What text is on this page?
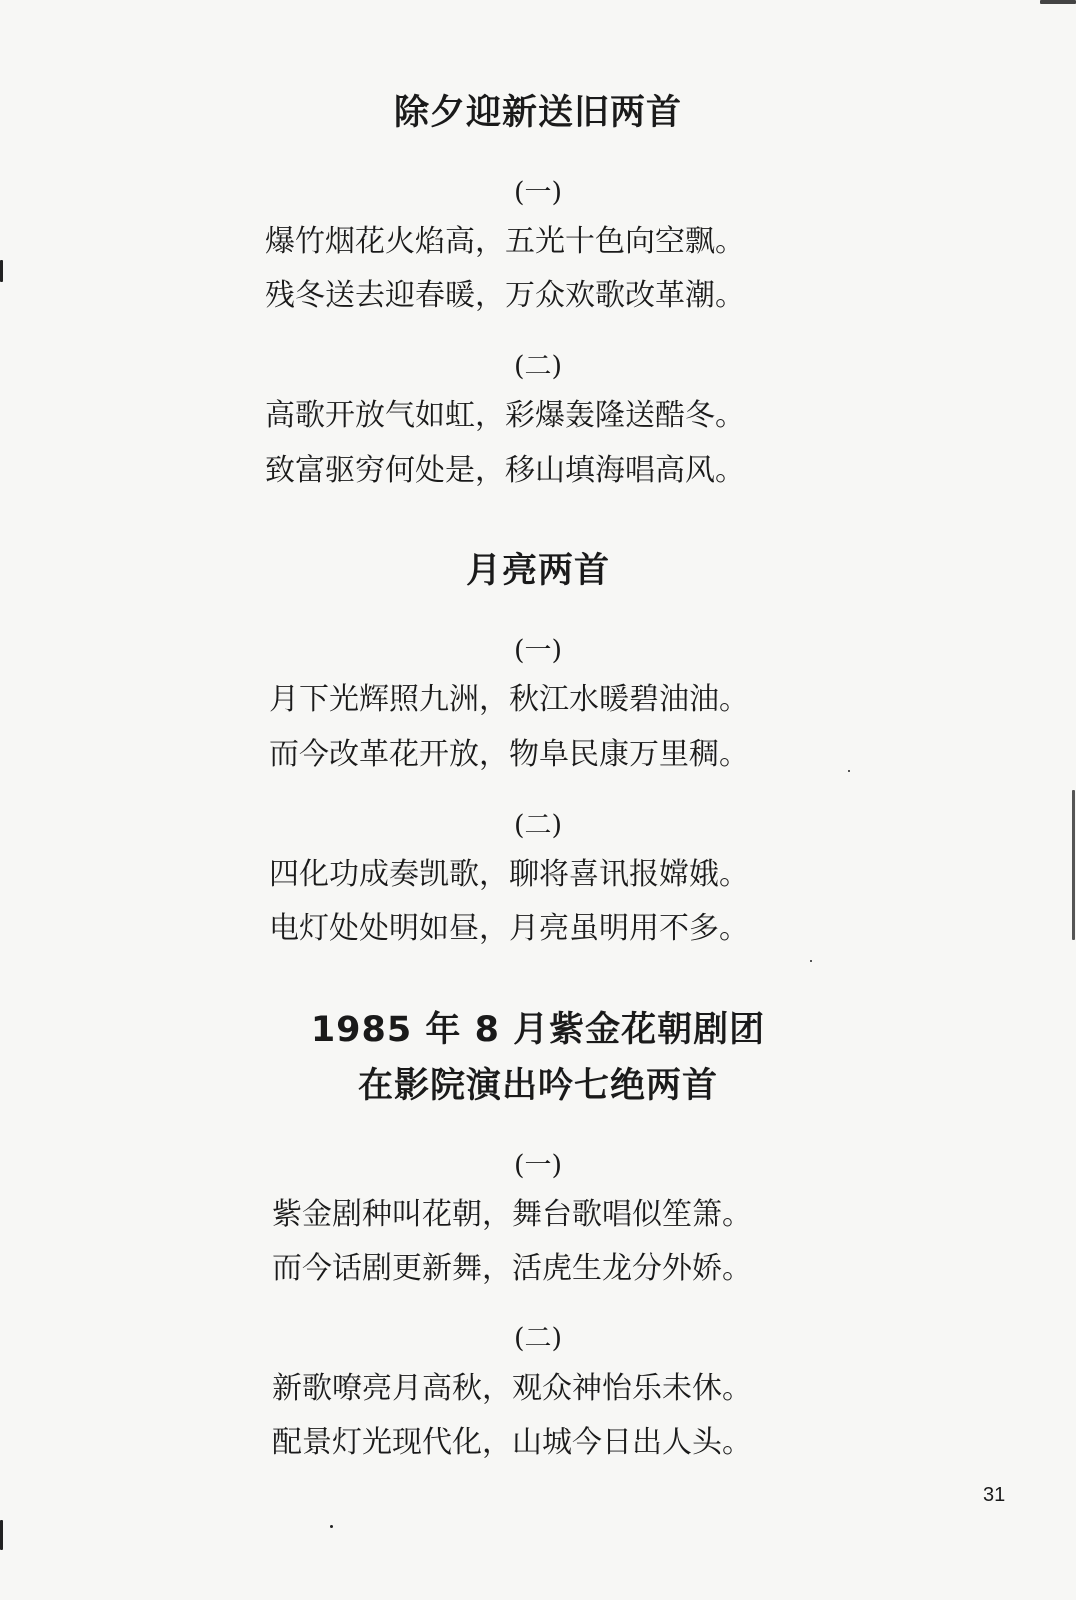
除夕迎新送旧两首
(一)
爆竹烟花火焰高，五光十色向空飘。
残冬送去迎春暖，万众欢歌改革潮。
(二)
高歌开放气如虹，彩爆轰隆送酷冬。
致富驱穷何处是，移山填海唱高风。
月亮两首
(一)
月下光辉照九洲，秋江水暖碧油油。
而今改革花开放，物阜民康万里稠。
(二)
四化功成奏凯歌，聊将喜讯报嫦娥。
电灯处处明如昼，月亮虽明用不多。
1985 年 8 月紫金花朝剧团
在影院演出吟七绝两首
(一)
紫金剧种叫花朝，舞台歌唱似笙箫。
而今话剧更新舞，活虎生龙分外娇。
(二)
新歌嘹亮月高秋，观众神怡乐未休。
配景灯光现代化，山城今日出人头。
31
